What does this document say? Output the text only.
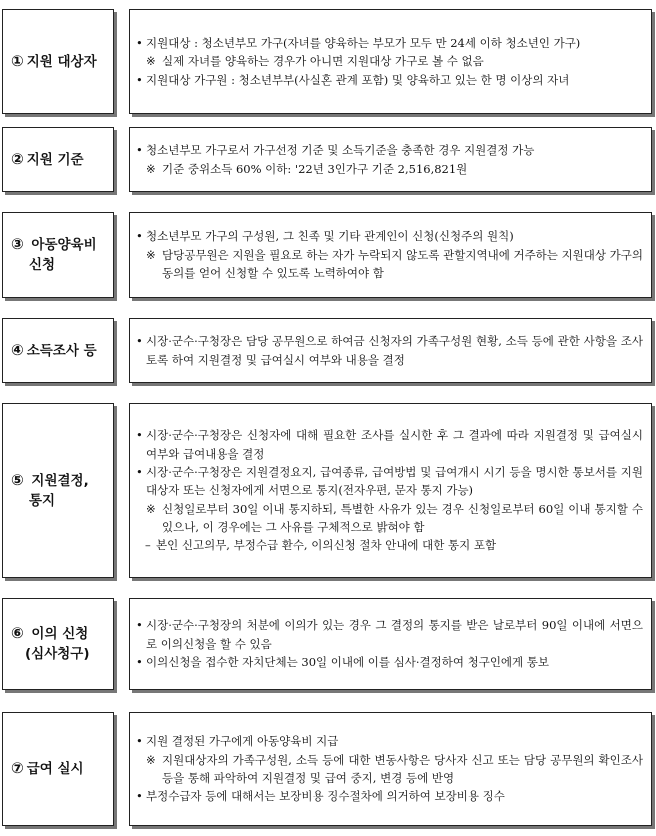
① 지원 대상자
• 지원대상 : 청소년부모 가구(자녀를 양육하는 부모가 모두 만 24세 이하 청소년인 가구)
※ 실제 자녀를 양육하는 경우가 아니면 지원대상 가구로 볼 수 없음
• 지원대상 가구원 : 청소년부부(사실혼 관계 포함) 및 양육하고 있는 한 명 이상의 자녀
② 지원 기준
• 청소년부모 가구로서 가구선정 기준 및 소득기준을 충족한 경우 지원결정 가능
※ 기준 중위소득 60% 이하: '22년 3인가구 기준 2,516,821원
③ 아동양육비
신청
• 청소년부모 가구의 구성원, 그 친족 및 기타 관계인이 신청(신청주의 원칙)
※ 담당공무원은 지원을 필요로 하는 자가 누락되지 않도록 관할지역내에 거주하는 지원대상 가구의 동의를 얻어 신청할 수 있도록 노력하여야 함
④ 소득조사 등
• 시장·군수·구청장은 담당 공무원으로 하여금 신청자의 가족구성원 현황, 소득 등에 관한 사항을 조사토록 하여 지원결정 및 급여실시 여부와 내용을 결정
⑤ 지원결정,
통지
• 시장·군수·구청장은 신청자에 대해 필요한 조사를 실시한 후 그 결과에 따라 지원결정 및 급여실시 여부와 급여내용을 결정
• 시장·군수·구청장은 지원결정요지, 급여종류, 급여방법 및 급여개시 시기 등을 명시한 통보서를 지원대상자 또는 신청자에게 서면으로 통지(전자우편, 문자 통지 가능)
※ 신청일로부터 30일 이내 통지하되, 특별한 사유가 있는 경우 신청일로부터 60일 이내 통지할 수 있으나, 이 경우에는 그 사유를 구체적으로 밝혀야 함
– 본인 신고의무, 부정수급 환수, 이의신청 절차 안내에 대한 통지 포함
⑥ 이의 신청
(심사청구)
• 시장·군수·구청장의 처분에 이의가 있는 경우 그 결정의 통지를 받은 날로부터 90일 이내에 서면으로 이의신청을 할 수 있음
• 이의신청을 접수한 자치단체는 30일 이내에 이를 심사·결정하여 청구인에게 통보
⑦ 급여 실시
• 지원 결정된 가구에게 아동양육비 지급
※ 지원대상자의 가족구성원, 소득 등에 대한 변동사항은 당사자 신고 또는 담당 공무원의 확인조사 등을 통해 파악하여 지원결정 및 급여 중지, 변경 등에 반영
• 부정수급자 등에 대해서는 보장비용 징수절차에 의거하여 보장비용 징수
